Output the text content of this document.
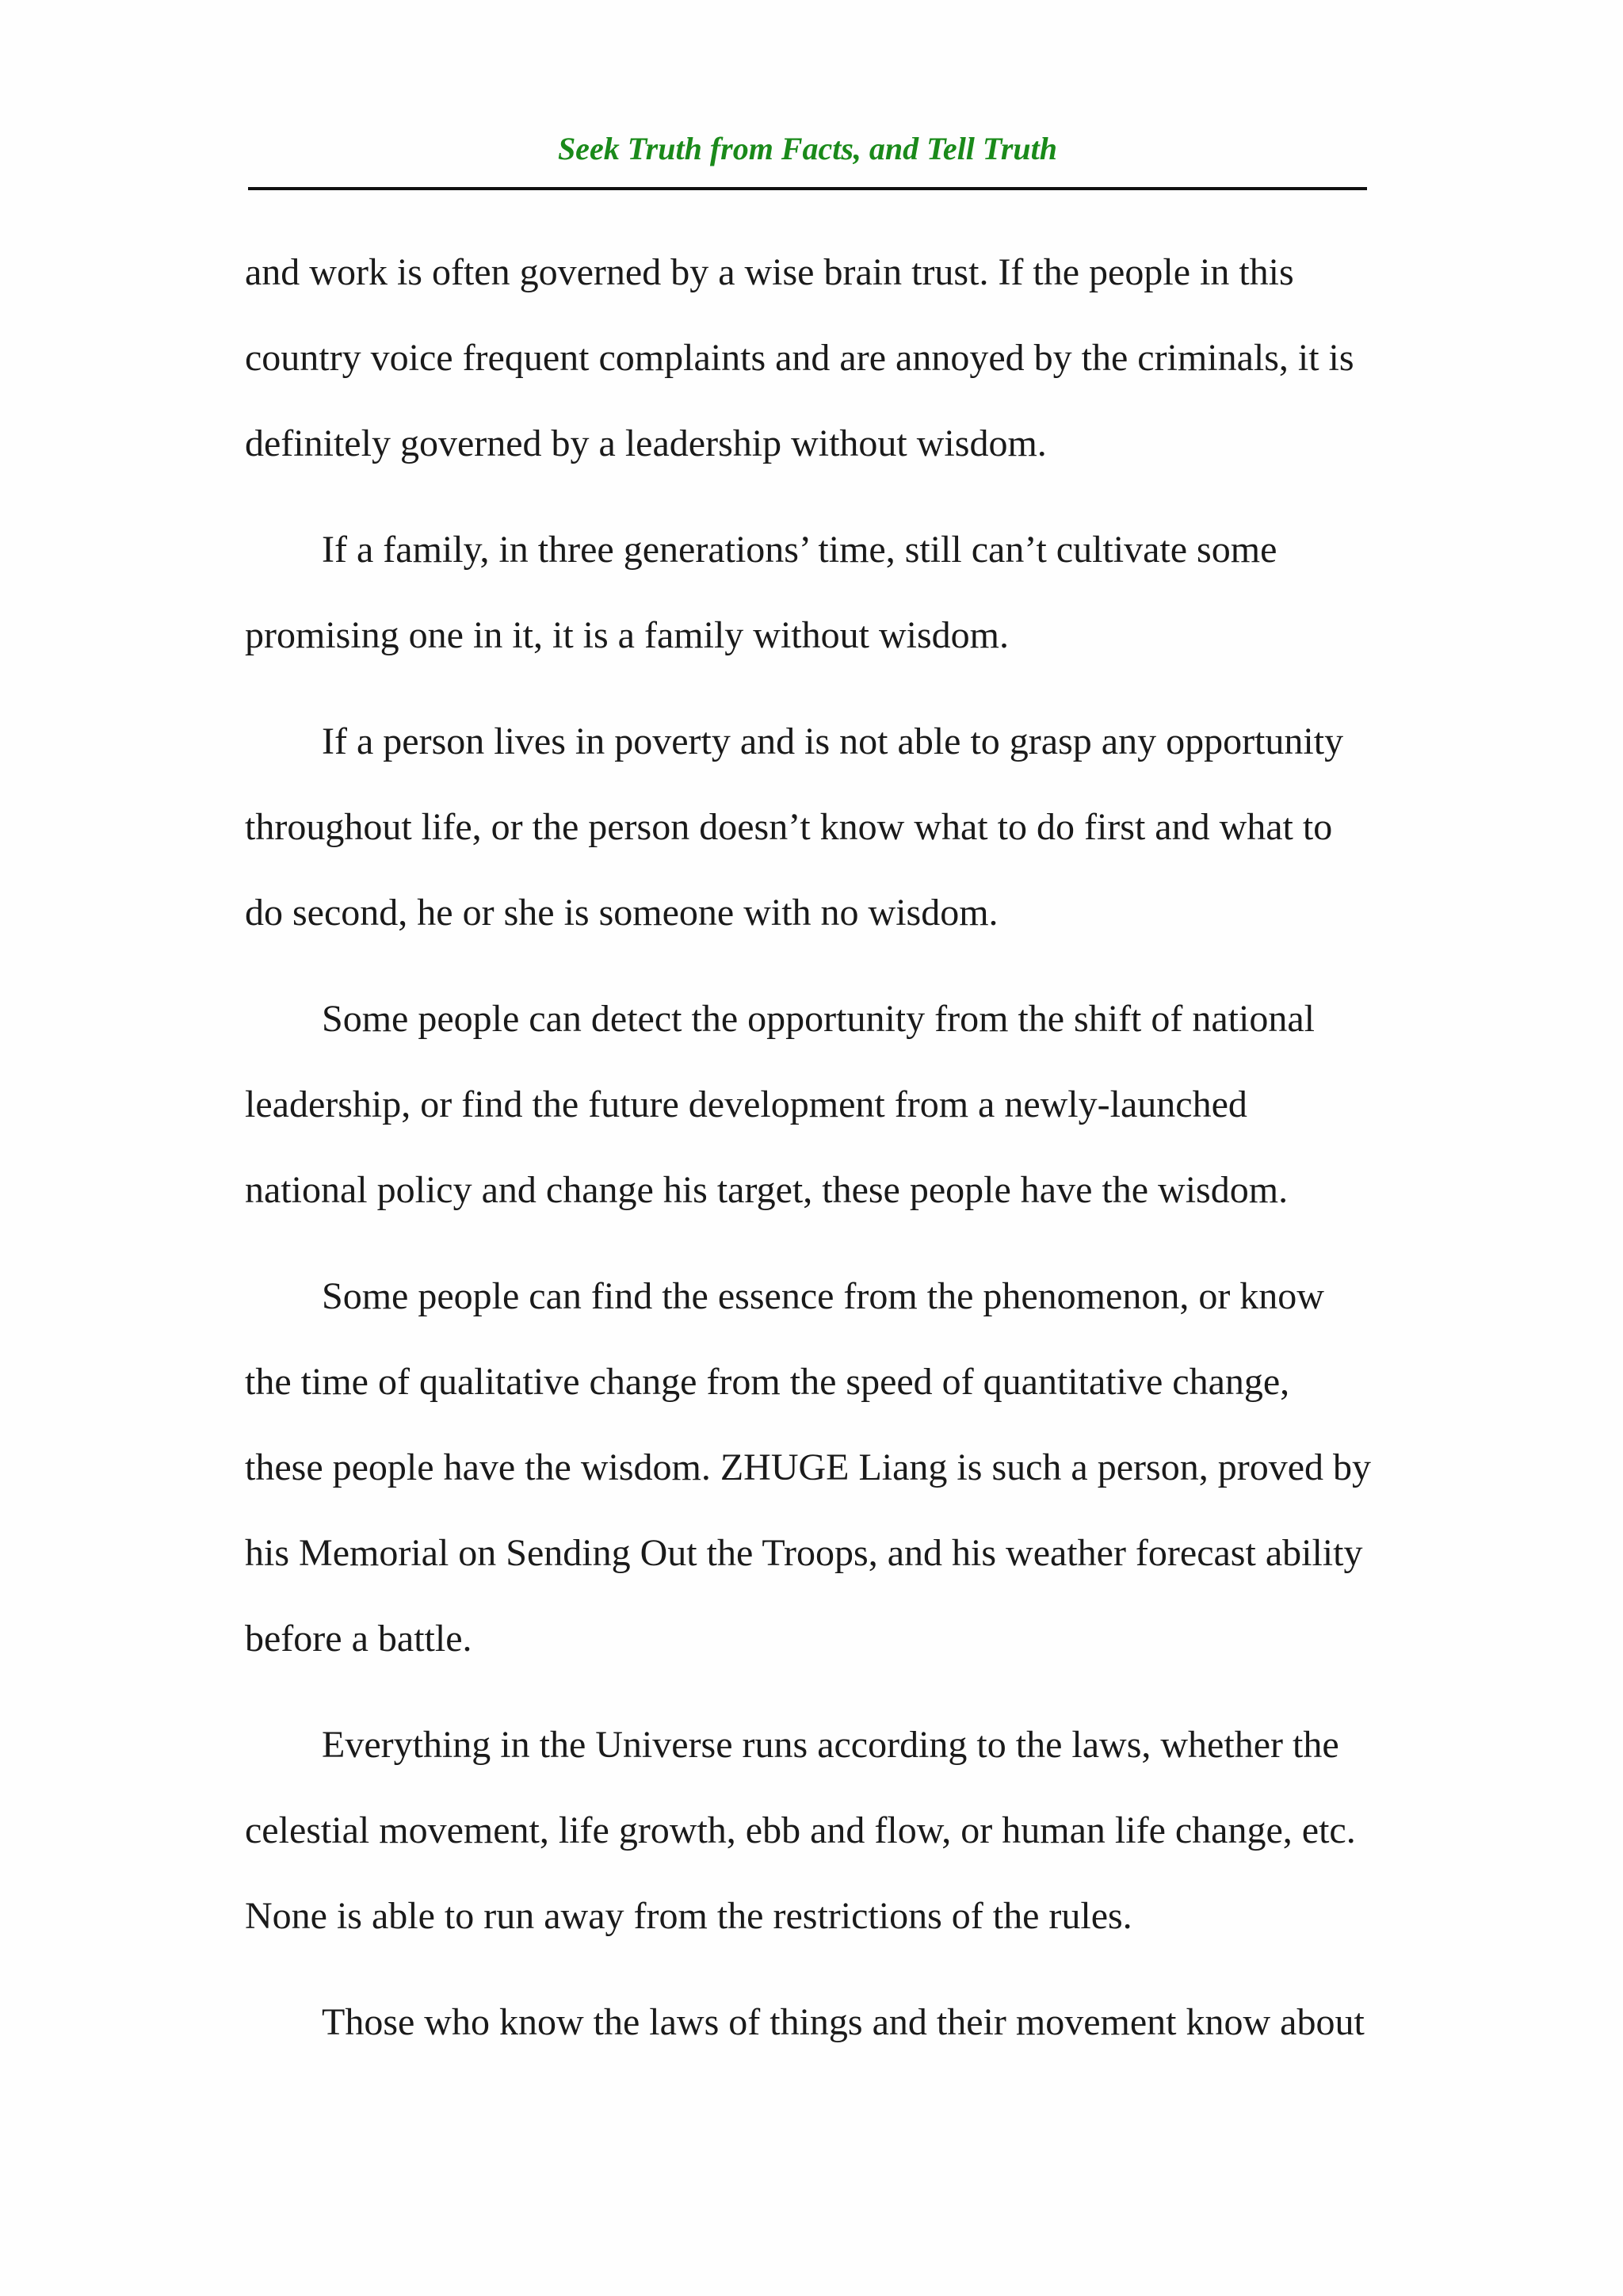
Seek Truth from Facts, and Tell Truth

and work is often governed by a wise brain trust. If the people in this
country voice frequent complaints and are annoyed by the criminals, it is
definitely governed by a leadership without wisdom.

If a family, in three generations’ time, still can’t cultivate some
promising one in it, it is a family without wisdom.

If a person lives in poverty and is not able to grasp any opportunity
throughout life, or the person doesn’t know what to do first and what to
do second, he or she is someone with no wisdom.

Some people can detect the opportunity from the shift of national
leadership, or find the future development from a newly-launched
national policy and change his target, these people have the wisdom.

Some people can find the essence from the phenomenon, or know
the time of qualitative change from the speed of quantitative change,
these people have the wisdom. ZHUGE Liang is such a person, proved by
his Memorial on Sending Out the Troops, and his weather forecast ability
before a battle.

Everything in the Universe runs according to the laws, whether the
celestial movement, life growth, ebb and flow, or human life change, etc.
None is able to run away from the restrictions of the rules.

Those who know the laws of things and their movement know about
